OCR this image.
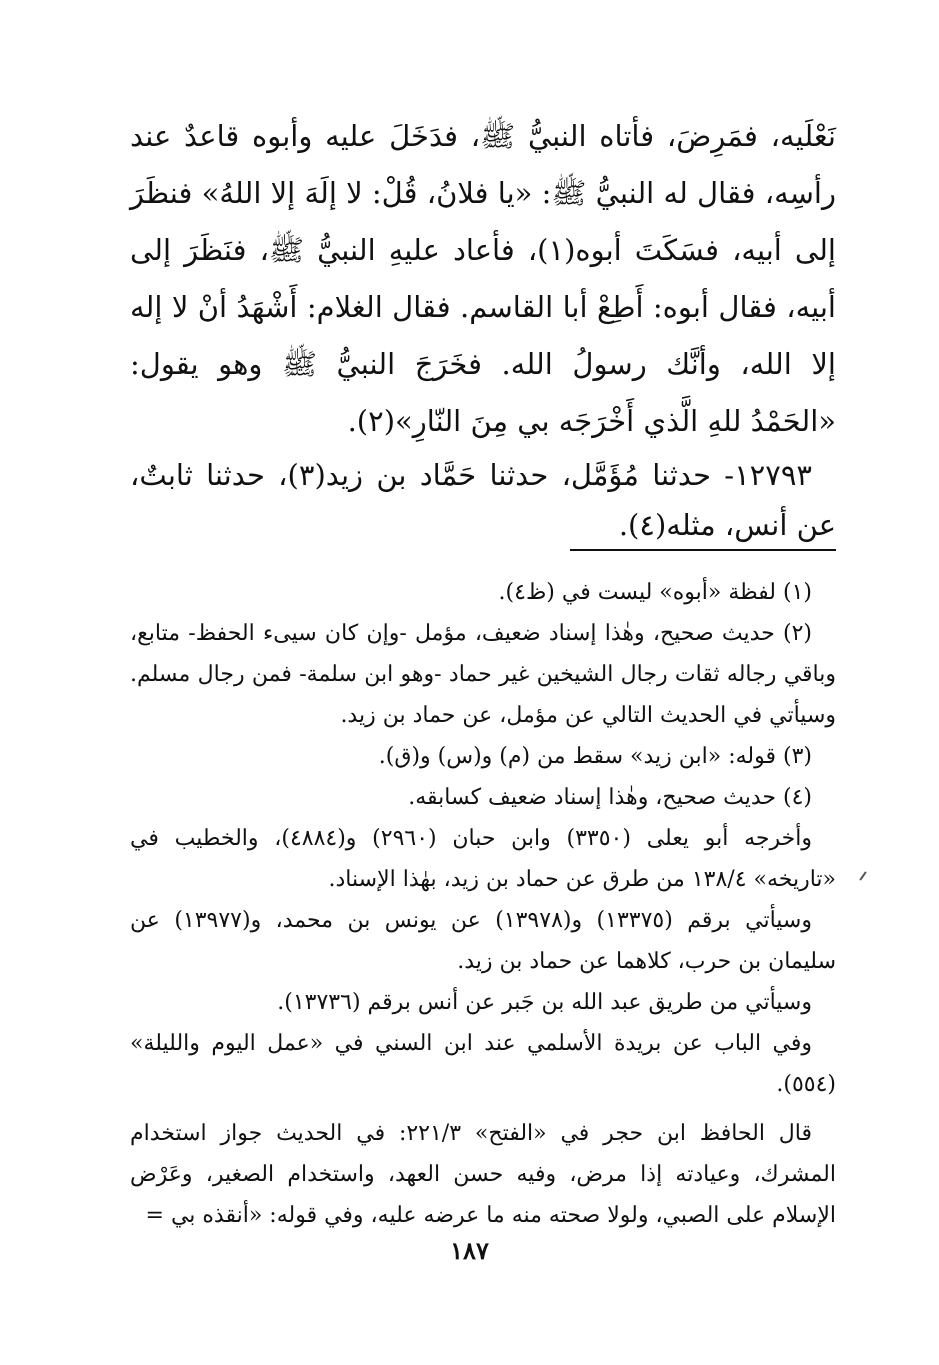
نَعْلَيه، فمَرِضَ، فأتاه النبيُّ ﷺ، فدَخَلَ عليه وأبوه قاعدٌ عند رأسِه، فقال له النبيُّ ﷺ: «يا فلانُ، قُلْ: لا إلَهَ إلا اللهُ» فنظَرَ إلى أبيه، فسَكَتَ أبوه(١)، فأعاد عليهِ النبيُّ ﷺ، فنَظَرَ إلى أبيه، فقال أبوه: أَطِعْ أبا القاسم. فقال الغلام: أَشْهَدُ أنْ لا إله إلا الله، وأنَّك رسولُ الله. فخَرَجَ النبيُّ ﷺ وهو يقول: «الحَمْدُ للهِ الَّذي أَخْرَجَه بي مِنَ النّارِ»(٢).

١٢٧٩٣- حدثنا مُؤَمَّل، حدثنا حَمَّاد بن زيد(٣)، حدثنا ثابتٌ، عن أنس، مثله(٤).

(١) لفظة «أبوه» ليست في (ظ٤).

(٢) حديث صحيح، وهٰذا إسناد ضعيف، مؤمل -وإن كان سيىء الحفظ- متابع، وباقي رجاله ثقات رجال الشيخين غير حماد -وهو ابن سلمة- فمن رجال مسلم. وسيأتي في الحديث التالي عن مؤمل، عن حماد بن زيد.

(٣) قوله: «ابن زيد» سقط من (م) و(س) و(ق).

(٤) حديث صحيح، وهٰذا إسناد ضعيف كسابقه.

وأخرجه أبو يعلى (٣٣٥٠) وابن حبان (٢٩٦٠) و(٤٨٨٤)، والخطيب في «تاريخه» ١٣٨/٤ من طرق عن حماد بن زيد، بهٰذا الإسناد.

وسيأتي برقم (١٣٣٧٥) و(١٣٩٧٨) عن يونس بن محمد، و(١٣٩٧٧) عن سليمان بن حرب، كلاهما عن حماد بن زيد.

وسيأتي من طريق عبد الله بن جَبر عن أنس برقم (١٣٧٣٦).

وفي الباب عن بريدة الأسلمي عند ابن السني في «عمل اليوم والليلة» (٥٥٤).

قال الحافظ ابن حجر في «الفتح» ٢٢١/٣: في الحديث جواز استخدام المشرك، وعيادته إذا مرض، وفيه حسن العهد، واستخدام الصغير، وعَرْض الإسلام على الصبي، ولولا صحته منه ما عرضه عليه، وفي قوله: «أنقذه بي =

١٨٧
